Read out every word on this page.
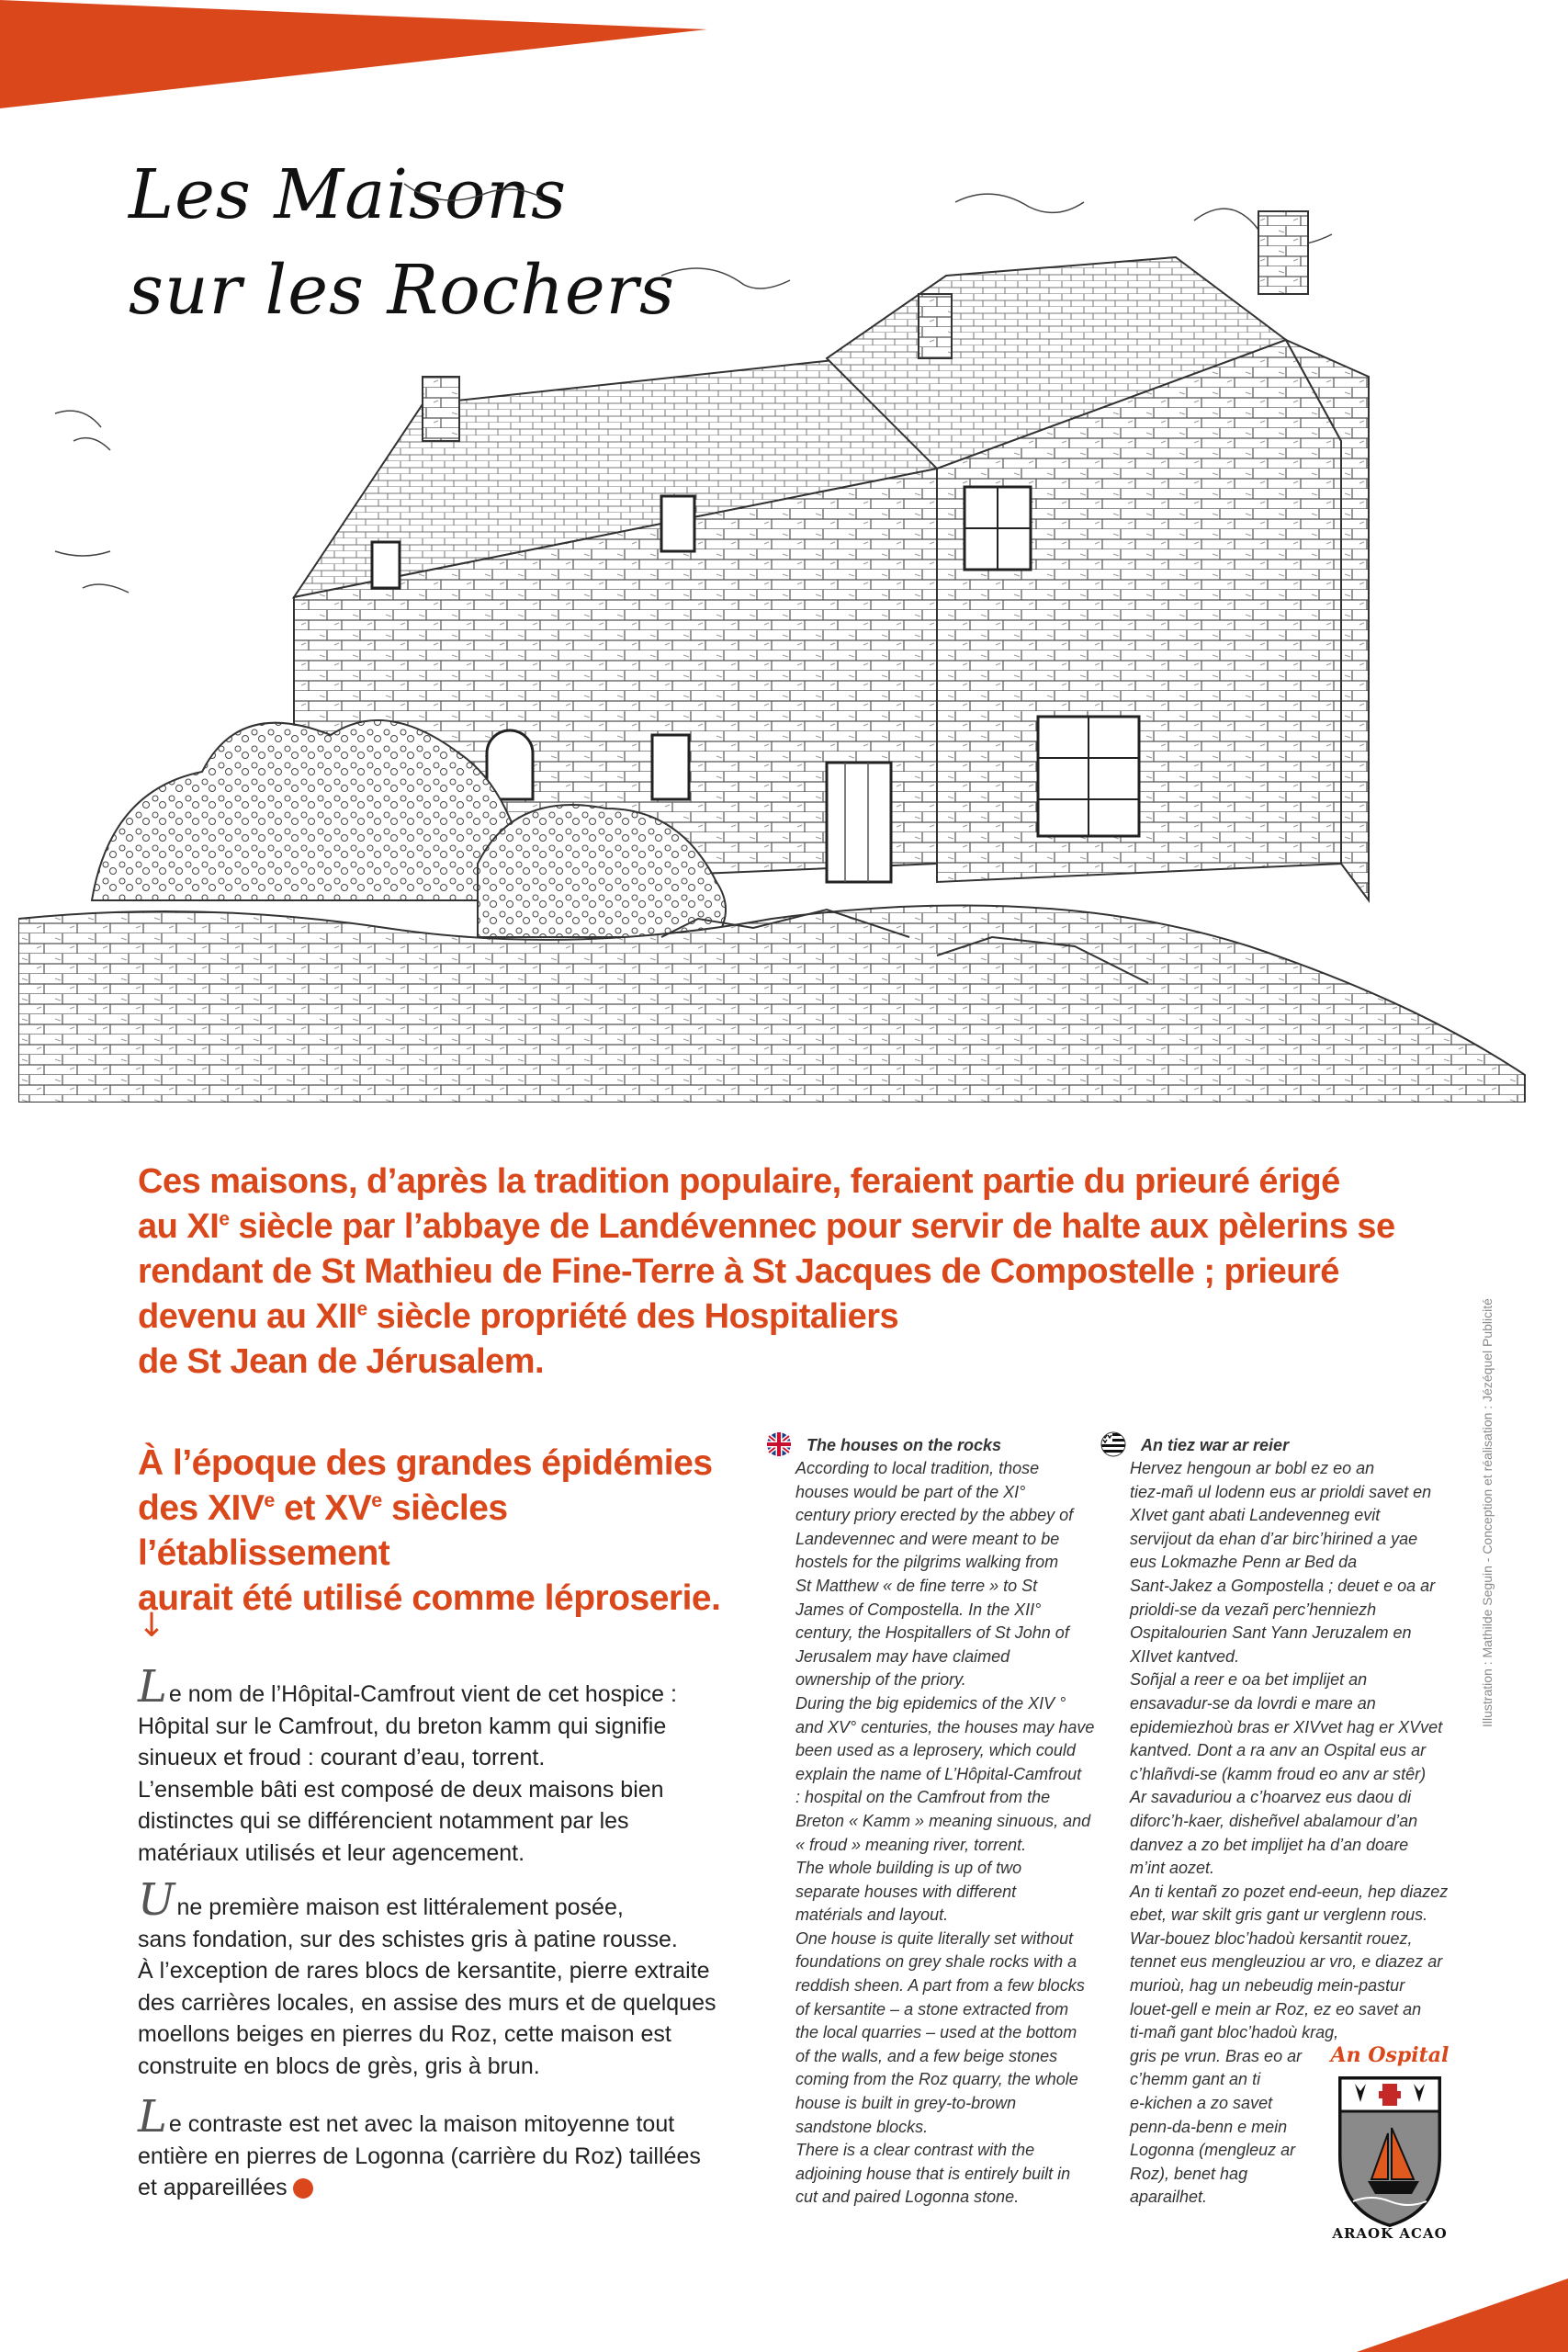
Les Maisons
sur les Rochers
Ces maisons, d’après la tradition populaire, feraient partie du prieuré érigé
au XIe siècle par l’abbaye de Landévennec pour servir de halte aux pèlerins se
rendant de St Mathieu de Fine-Terre à St Jacques de Compostelle ; prieuré
devenu au XIIe siècle propriété des Hospitaliers
de St Jean de Jérusalem.
À l’époque des grandes épidémies
des XIVe et XVe siècles l’établissement
aurait été utilisé comme léproserie.
↓
Le nom de l’Hôpital-Camfrout vient de cet hospice :
Hôpital sur le Camfrout, du breton kamm qui signifie
sinueux et froud : courant d’eau, torrent.
L’ensemble bâti est composé de deux maisons bien
distinctes qui se différencient notamment par les
matériaux utilisés et leur agencement.
Une première maison est littéralement posée,
sans fondation, sur des schistes gris à patine rousse.
À l’exception de rares blocs de kersantite, pierre extraite
des carrières locales, en assise des murs et de quelques
moellons beiges en pierres du Roz, cette maison est
construite en blocs de grès, gris à brun.
Le contraste est net avec la maison mitoyenne tout
entière en pierres de Logonna (carrière du Roz) taillées
et appareillées
The houses on the rocks
According to local tradition, those
houses would be part of the XI°
century priory erected by the abbey of
Landevennec and were meant to be
hostels for the pilgrims walking from
St Matthew « de fine terre » to St
James of Compostella. In the XII°
century, the Hospitallers of St John of
Jerusalem may have claimed
ownership of the priory.
During the big epidemics of the XIV °
and XV° centuries, the houses may have
been used as a leprosery, which could
explain the name of L’Hôpital-Camfrout
: hospital on the Camfrout from the
Breton « Kamm » meaning sinuous, and
« froud » meaning river, torrent.
The whole building is up of two
separate houses with different
matérials and layout.
One house is quite literally set without
foundations on grey shale rocks with a
reddish sheen. A part from a few blocks
of kersantite – a stone extracted from
the local quarries – used at the bottom
of the walls, and a few beige stones
coming from the Roz quarry, the whole
house is built in grey-to-brown
sandstone blocks.
There is a clear contrast with the
adjoining house that is entirely built in
cut and paired Logonna stone.
An tiez war ar reier
Hervez hengoun ar bobl ez eo an
tiez-mañ ul lodenn eus ar prioldi savet en
XIvet gant abati Landevenneg evit
servijout da ehan d’ar birc’hirined a yae
eus Lokmazhe Penn ar Bed da
Sant-Jakez a Gompostella ; deuet e oa ar
prioldi-se da vezañ perc’henniezh
Ospitalourien Sant Yann Jeruzalem en
XIIvet kantved.
Soñjal a reer e oa bet implijet an
ensavadur-se da lovrdi e mare an
epidemiezhoù bras er XIVvet hag er XVvet
kantved. Dont a ra anv an Ospital eus ar
c’hlañvdi-se (kamm froud eo anv ar stêr)
Ar savaduriou a c’hoarvez eus daou di
diforc’h-kaer, disheñvel abalamour d’an
danvez a zo bet implijet ha d’an doare
m’int aozet.
An ti kentañ zo pozet end-eeun, hep diazez
ebet, war skilt gris gant ur verglenn rous.
War-bouez bloc’hadoù kersantit rouez,
tennet eus mengleuziou ar vro, e diazez ar
murioù, hag un nebeudig mein-pastur
louet-gell e mein ar Roz, ez eo savet an
ti-mañ gant bloc’hadoù krag,
gris pe vrun. Bras eo ar
c’hemm gant an ti
e-kichen a zo savet
penn-da-benn e mein
Logonna (mengleuz ar
Roz), benet hag
aparailhet.
Illustration : Mathilde Seguin - Conception et réalisation : Jézéquel Publicité
An Ospital
ARAOK ACAO
